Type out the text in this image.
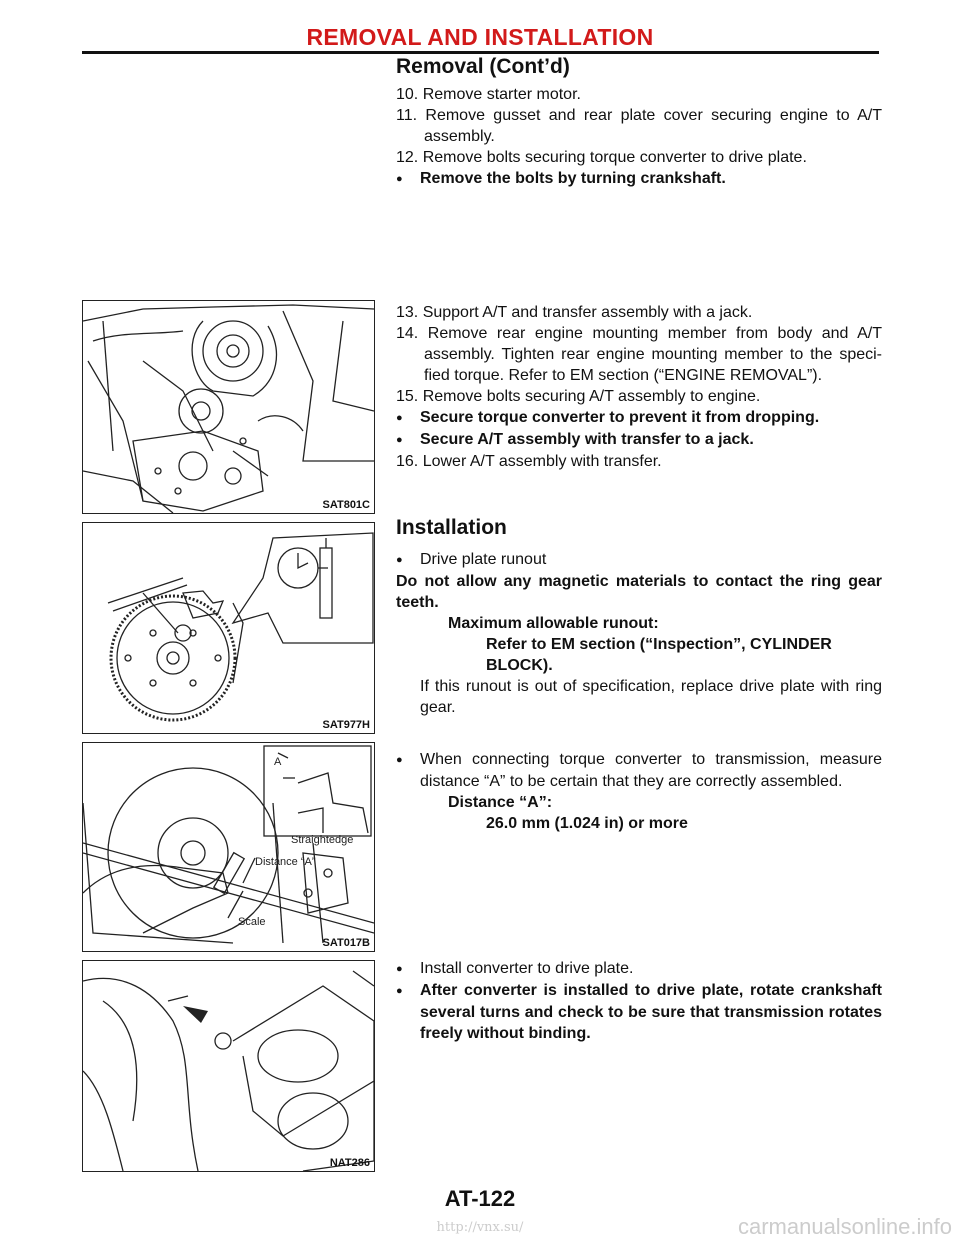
REMOVAL AND INSTALLATION
Removal (Cont’d)

10. Remove starter motor.

11. Remove gusset and rear plate cover securing engine to A/T assembly.

12. Remove bolts securing torque converter to drive plate.

● Remove the bolts by turning crankshaft.

SAT801C

13. Support A/T and transfer assembly with a jack.

14. Remove rear engine mounting member from body and A/T assembly. Tighten rear engine mounting member to the speci-fied torque. Refer to EM section (“ENGINE REMOVAL”).

15. Remove bolts securing A/T assembly to engine.

● Secure torque converter to prevent it from dropping.

● Secure A/T assembly with transfer to a jack.

16. Lower A/T assembly with transfer.

SAT977H
Installation

● Drive plate runout

Do not allow any magnetic materials to contact the ring gear teeth.

Maximum allowable runout:

Refer to EM section (“Inspection”, CYLINDER BLOCK).

If this runout is out of specification, replace drive plate with ring gear.

A
Straightedge
Distance “A”
Scale
SAT017B

● When connecting torque converter to transmission, measure distance “A” to be certain that they are correctly assembled.

Distance “A”:

26.0 mm (1.024 in) or more

NAT286

● Install converter to drive plate.

● After converter is installed to drive plate, rotate crankshaft several turns and check to be sure that transmission rotates freely without binding.

AT-122
http://vnx.su/	carmanualsonline.info
